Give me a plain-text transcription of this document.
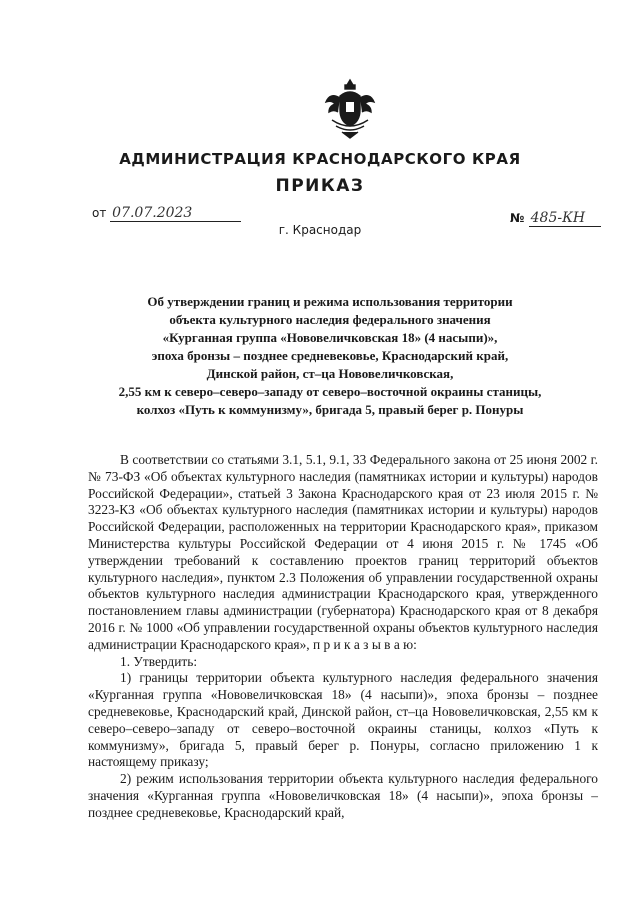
АДМИНИСТРАЦИЯ КРАСНОДАРСКОГО КРАЯ
ПРИКАЗ
от 07.07.2023	№ 485-КН
г. Краснодар
Об утверждении границ и режима использования территории
объекта культурного наследия федерального значения
«Курганная группа «Нововеличковская 18» (4 насыпи)»,
эпоха бронзы – позднее средневековье, Краснодарский край,
Динской район, ст–ца Нововеличковская,
2,55 км к северо–северо–западу от северо–восточной окраины станицы,
колхоз «Путь к коммунизму», бригада 5, правый берег р. Понуры

В соответствии со статьями 3.1, 5.1, 9.1, 33 Федерального закона от 25 июня 2002 г. № 73-ФЗ «Об объектах культурного наследия (памятниках истории и культуры) народов Российской Федерации», статьей 3 Закона Краснодарского края от 23 июля 2015 г. № 3223-КЗ «Об объектах культурного наследия (памятниках истории и культуры) народов Российской Федерации, расположенных на территории Краснодарского края», приказом Министерства культуры Российской Федерации от 4 июня 2015 г. № 1745 «Об утверждении требований к составлению проектов границ территорий объектов культурного наследия», пунктом 2.3 Положения об управлении государственной охраны объектов культурного наследия администрации Краснодарского края, утвержденного постановлением главы администрации (губернатора) Краснодарского края от 8 декабря 2016 г. № 1000 «Об управлении государственной охраны объектов культурного наследия администрации Краснодарского края», п р и к а з ы в а ю:

1. Утвердить:

1) границы территории объекта культурного наследия федерального значения «Курганная группа «Нововеличковская 18» (4 насыпи)», эпоха бронзы – позднее средневековье, Краснодарский край, Динской район, ст–ца Нововеличковская, 2,55 км к северо–северо–западу от северо–восточной окраины станицы, колхоз «Путь к коммунизму», бригада 5, правый берег р. Понуры, согласно приложению 1 к настоящему приказу;

2) режим использования территории объекта культурного наследия федерального значения «Курганная группа «Нововеличковская 18» (4 насыпи)», эпоха бронзы – позднее средневековье, Краснодарский край,
